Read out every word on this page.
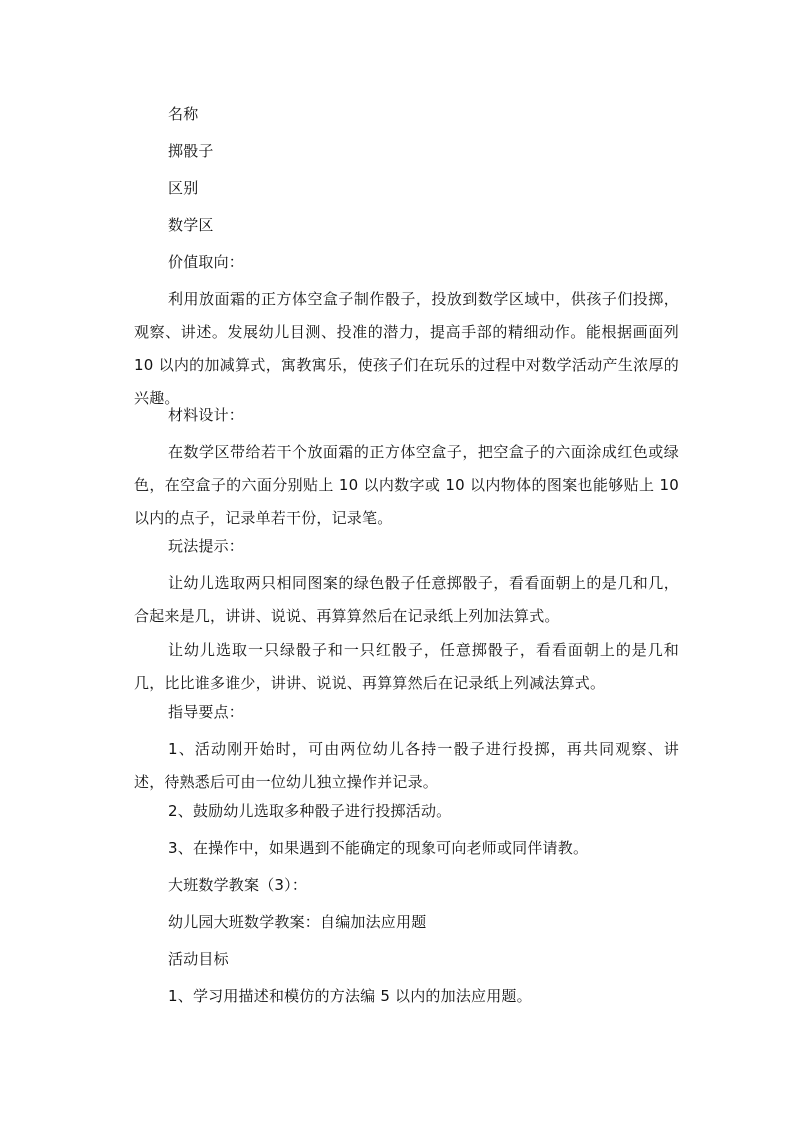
名称

掷骰子

区别

数学区

价值取向：

利用放面霜的正方体空盒子制作骰子，投放到数学区域中，供孩子们投掷，观察、讲述。发展幼儿目测、投准的潜力，提高手部的精细动作。能根据画面列 10 以内的加减算式，寓教寓乐，使孩子们在玩乐的过程中对数学活动产生浓厚的兴趣。

材料设计：

在数学区带给若干个放面霜的正方体空盒子，把空盒子的六面涂成红色或绿色，在空盒子的六面分别贴上 10 以内数字或 10 以内物体的图案也能够贴上 10 以内的点子，记录单若干份，记录笔。

玩法提示：

让幼儿选取两只相同图案的绿色骰子任意掷骰子，看看面朝上的是几和几，合起来是几，讲讲、说说、再算算然后在记录纸上列加法算式。

让幼儿选取一只绿骰子和一只红骰子，任意掷骰子，看看面朝上的是几和几，比比谁多谁少，讲讲、说说、再算算然后在记录纸上列减法算式。

指导要点：

1、活动刚开始时，可由两位幼儿各持一骰子进行投掷，再共同观察、讲述，待熟悉后可由一位幼儿独立操作并记录。

2、鼓励幼儿选取多种骰子进行投掷活动。

3、在操作中，如果遇到不能确定的现象可向老师或同伴请教。

大班数学教案（3）：

幼儿园大班数学教案：自编加法应用题

活动目标

1、学习用描述和模仿的方法编 5 以内的加法应用题。
